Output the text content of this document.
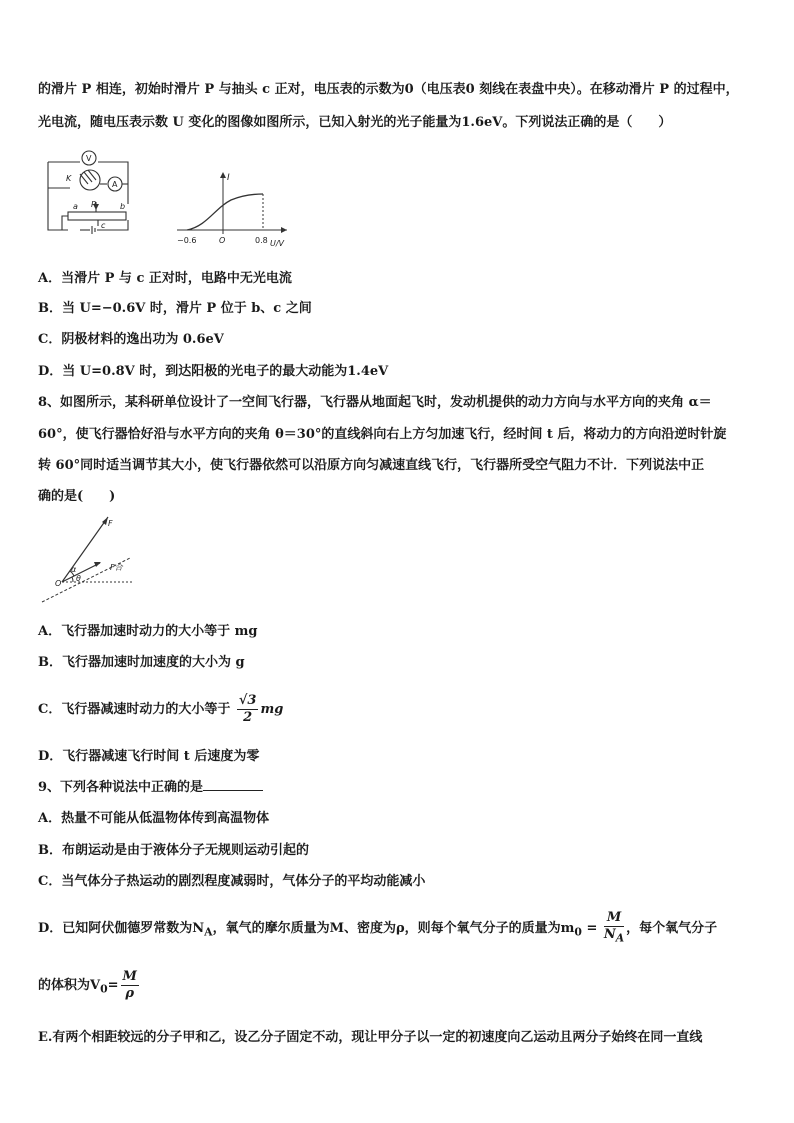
的滑片 P 相连，初始时滑片 P 与抽头 c 正对，电压表的示数为0（电压表0 刻线在表盘中央）。在移动滑片 P 的过程中，
光电流，随电压表示数 U 变化的图像如图所示，已知入射光的光子能量为1.6eV。下列说法正确的是（　　）
V
A
K
a P	b
c
I
−0.6	O	0.8 U/V
A．当滑片 P 与 c 正对时，电路中无光电流
B．当 U=−0.6V 时，滑片 P 位于 b、c 之间
C．阴极材料的逸出功为 0.6eV
D．当 U=0.8V 时，到达阳极的光电子的最大动能为1.4eV
8、如图所示，某科研单位设计了一空间飞行器，飞行器从地面起飞时，发动机提供的动力方向与水平方向的夹角 α＝
60°，使飞行器恰好沿与水平方向的夹角 θ＝30°的直线斜向右上方匀加速飞行，经时间 t 后，将动力的方向沿逆时针旋
转 60°同时适当调节其大小，使飞行器依然可以沿原方向匀减速直线飞行，飞行器所受空气阻力不计．下列说法中正
确的是(　　)
F
α
θ
O
F合
A．飞行器加速时动力的大小等于 mg
B．飞行器加速时加速度的大小为 g
C．飞行器减速时动力的大小等于 $\frac{√3}{2}$ mg
D．飞行器减速飞行时间 t 后速度为零
9、下列各种说法中正确的是
A．热量不可能从低温物体传到高温物体
B．布朗运动是由于液体分子无规则运动引起的
C．当气体分子热运动的剧烈程度减弱时，气体分子的平均动能减小
D．已知阿伏伽德罗常数为$N_A$，氧气的摩尔质量为M、密度为ρ，则每个氧气分子的质量为$m_0 = \frac{M}{N_A}$ ，每个氧气分子
的体积为$V_0= \frac{M}{\rho}$
E.有两个相距较远的分子甲和乙，设乙分子固定不动，现让甲分子以一定的初速度向乙运动且两分子始终在同一直线
